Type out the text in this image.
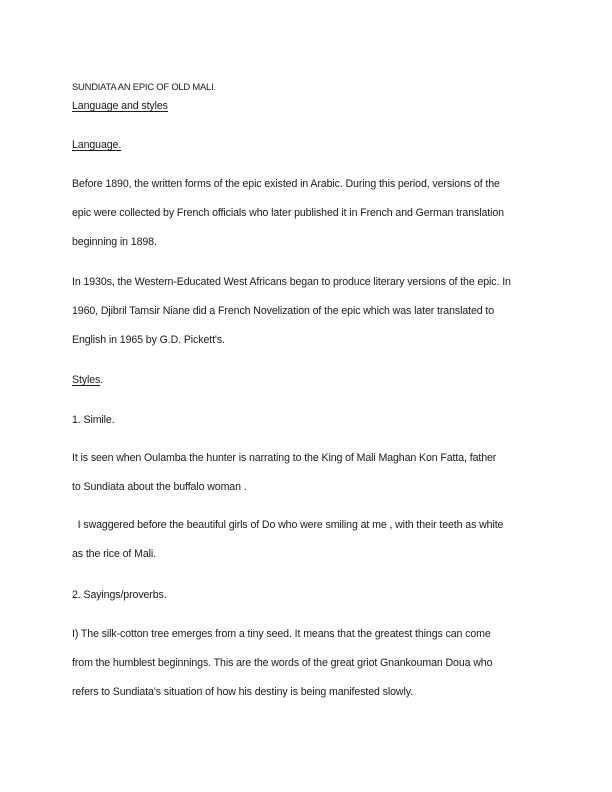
SUNDIATA AN EPIC OF OLD MALI.
Language and styles
Language.
Before 1890, the written forms of the epic existed in Arabic. During this period, versions of the
epic were collected by French officials who later published it in French and German translation
beginning in 1898.
In 1930s, the Western-Educated West Africans began to produce literary versions of the epic. In
1960, Djibril Tamsir Niane did a French Novelization of the epic which was later translated to
English in 1965 by G.D. Pickett's.
Styles.
1. Simile.
It is seen when Oulamba the hunter is narrating to the King of Mali Maghan Kon Fatta, father
to Sundiata about the buffalo woman .
I swaggered before the beautiful girls of Do who were smiling at me , with their teeth as white
as the rice of Mali.
2. Sayings/proverbs.
I) The silk-cotton tree emerges from a tiny seed. It means that the greatest things can come
from the humblest beginnings. This are the words of the great griot Gnankouman Doua who
refers to Sundiata's situation of how his destiny is being manifested slowly.
